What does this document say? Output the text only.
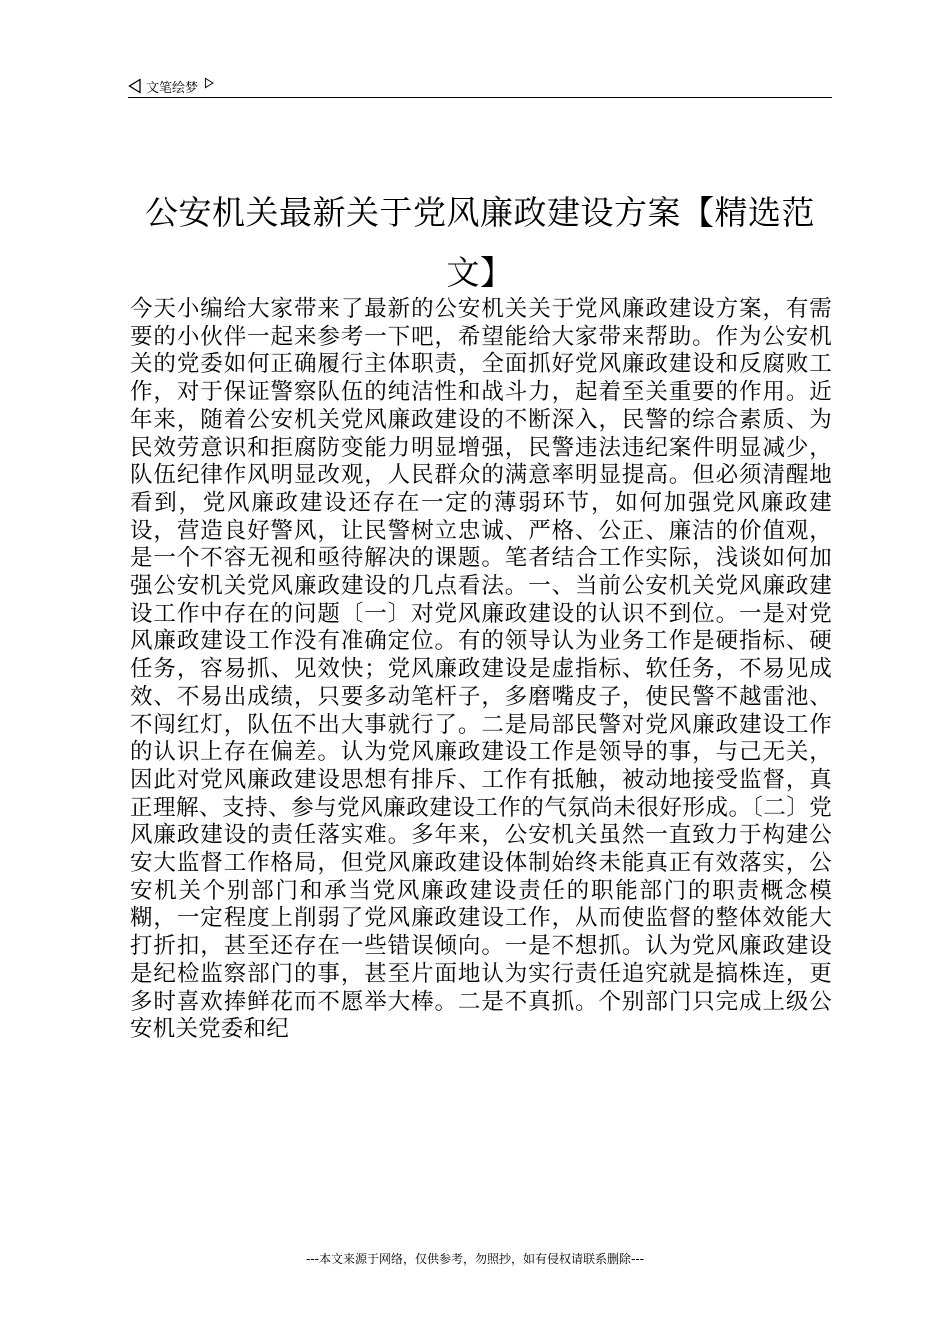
文笔绘梦
公安机关最新关于党风廉政建设方案【精选范文】
今天小编给大家带来了最新的公安机关关于党风廉政建设方案，有需要的小伙伴一起来参考一下吧，希望能给大家带来帮助。作为公安机关的党委如何正确履行主体职责，全面抓好党风廉政建设和反腐败工作，对于保证警察队伍的纯洁性和战斗力，起着至关重要的作用。近年来，随着公安机关党风廉政建设的不断深入，民警的综合素质、为民效劳意识和拒腐防变能力明显增强，民警违法违纪案件明显减少，队伍纪律作风明显改观，人民群众的满意率明显提高。但必须清醒地看到，党风廉政建设还存在一定的薄弱环节，如何加强党风廉政建设，营造良好警风，让民警树立忠诚、严格、公正、廉洁的价值观，是一个不容无视和亟待解决的课题。笔者结合工作实际，浅谈如何加强公安机关党风廉政建设的几点看法。一、当前公安机关党风廉政建设工作中存在的问题〔一〕对党风廉政建设的认识不到位。一是对党风廉政建设工作没有准确定位。有的领导认为业务工作是硬指标、硬任务，容易抓、见效快；党风廉政建设是虚指标、软任务，不易见成效、不易出成绩，只要多动笔杆子，多磨嘴皮子，使民警不越雷池、不闯红灯，队伍不出大事就行了。二是局部民警对党风廉政建设工作的认识上存在偏差。认为党风廉政建设工作是领导的事，与己无关，因此对党风廉政建设思想有排斥、工作有抵触，被动地接受监督，真正理解、支持、参与党风廉政建设工作的气氛尚未很好形成。〔二〕党风廉政建设的责任落实难。多年来，公安机关虽然一直致力于构建公安大监督工作格局，但党风廉政建设体制始终未能真正有效落实，公安机关个别部门和承当党风廉政建设责任的职能部门的职责概念模糊，一定程度上削弱了党风廉政建设工作，从而使监督的整体效能大打折扣，甚至还存在一些错误倾向。一是不想抓。认为党风廉政建设是纪检监察部门的事，甚至片面地认为实行责任追究就是搞株连，更多时喜欢捧鲜花而不愿举大棒。二是不真抓。个别部门只完成上级公安机关党委和纪
---本文来源于网络，仅供参考，勿照抄，如有侵权请联系删除---
